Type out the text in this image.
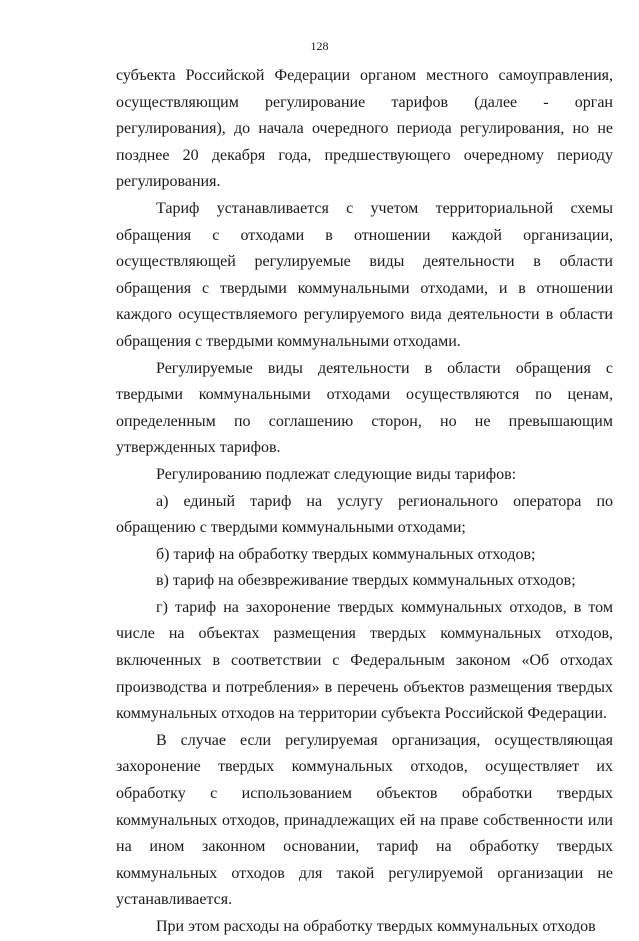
128

субъекта Российской Федерации органом местного самоуправления, осуществляющим регулирование тарифов (далее - орган регулирования), до начала очередного периода регулирования, но не позднее 20 декабря года, предшествующего очередному периоду регулирования.

Тариф устанавливается с учетом территориальной схемы обращения с отходами в отношении каждой организации, осуществляющей регулируемые виды деятельности в области обращения с твердыми коммунальными отходами, и в отношении каждого осуществляемого регулируемого вида деятельности в области обращения с твердыми коммунальными отходами.

Регулируемые виды деятельности в области обращения с твердыми коммунальными отходами осуществляются по ценам, определенным по соглашению сторон, но не превышающим утвержденных тарифов.

Регулированию подлежат следующие виды тарифов:

а) единый тариф на услугу регионального оператора по обращению с твердыми коммунальными отходами;

б) тариф на обработку твердых коммунальных отходов;

в) тариф на обезвреживание твердых коммунальных отходов;

г) тариф на захоронение твердых коммунальных отходов, в том числе на объектах размещения твердых коммунальных отходов, включенных в соответствии с Федеральным законом «Об отходах производства и потребления» в перечень объектов размещения твердых коммунальных отходов на территории субъекта Российской Федерации.

В случае если регулируемая организация, осуществляющая захоронение твердых коммунальных отходов, осуществляет их обработку с использованием объектов обработки твердых коммунальных отходов, принадлежащих ей на праве собственности или на ином законном основании, тариф на обработку твердых коммунальных отходов для такой регулируемой организации не устанавливается.

При этом расходы на обработку твердых коммунальных отходов
